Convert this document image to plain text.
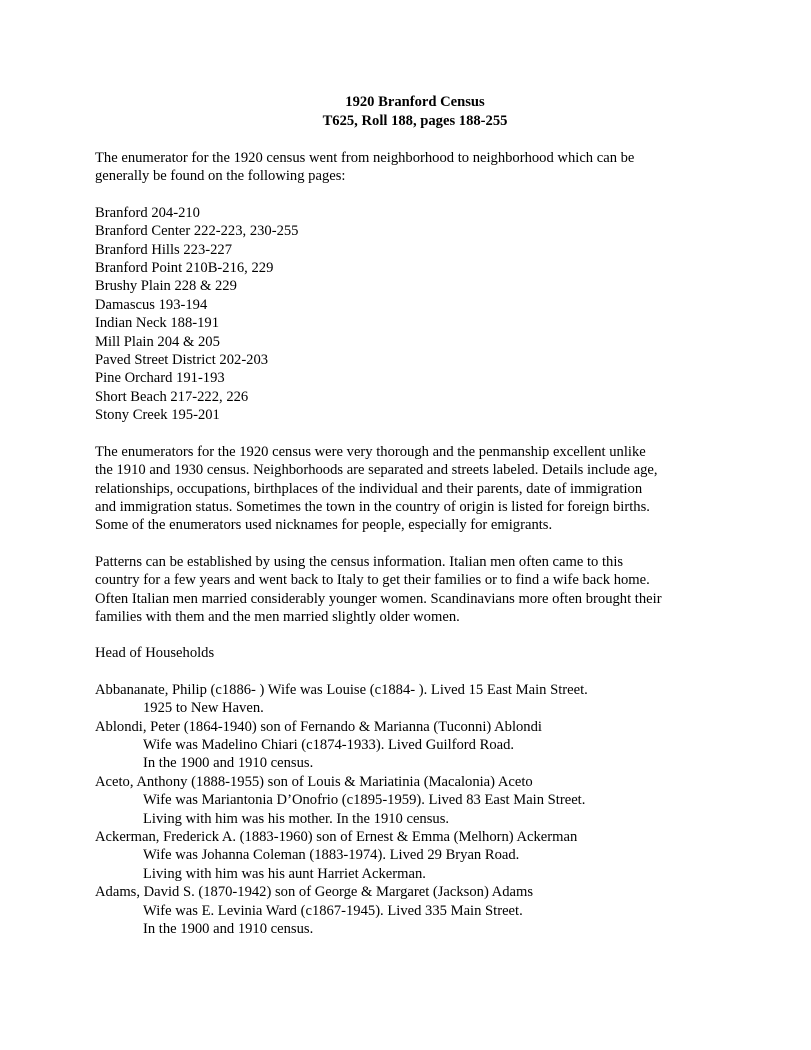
1920 Branford Census
T625, Roll 188, pages 188-255
The enumerator for the 1920 census went from neighborhood to neighborhood which can be
generally be found on the following pages:
Branford 204-210
Branford Center 222-223, 230-255
Branford Hills 223-227
Branford Point 210B-216, 229
Brushy Plain 228 & 229
Damascus 193-194
Indian Neck 188-191
Mill Plain 204 & 205
Paved Street District 202-203
Pine Orchard 191-193
Short Beach 217-222, 226
Stony Creek 195-201
The enumerators for the 1920 census were very thorough and the penmanship excellent unlike
the 1910 and 1930 census. Neighborhoods are separated and streets labeled. Details include age,
relationships, occupations, birthplaces of the individual and their parents, date of immigration
and immigration status. Sometimes the town in the country of origin is listed for foreign births.
Some of the enumerators used nicknames for people, especially for emigrants.
Patterns can be established by using the census information. Italian men often came to this
country for a few years and went back to Italy to get their families or to find a wife back home.
Often Italian men married considerably younger women. Scandinavians more often brought their
families with them and the men married slightly older women.
Head of Households
Abbananate, Philip (c1886- ) Wife was Louise (c1884- ). Lived 15 East Main Street.
1925 to New Haven.
Ablondi, Peter (1864-1940) son of Fernando & Marianna (Tuconni) Ablondi
Wife was Madelino Chiari (c1874-1933). Lived Guilford Road.
In the 1900 and 1910 census.
Aceto, Anthony (1888-1955) son of Louis & Mariatinia (Macalonia) Aceto
Wife was Mariantonia D’Onofrio (c1895-1959). Lived 83 East Main Street.
Living with him was his mother. In the 1910 census.
Ackerman, Frederick A. (1883-1960) son of Ernest & Emma (Melhorn) Ackerman
Wife was Johanna Coleman (1883-1974). Lived 29 Bryan Road.
Living with him was his aunt Harriet Ackerman.
Adams, David S. (1870-1942) son of George & Margaret (Jackson) Adams
Wife was E. Levinia Ward (c1867-1945). Lived 335 Main Street.
In the 1900 and 1910 census.
